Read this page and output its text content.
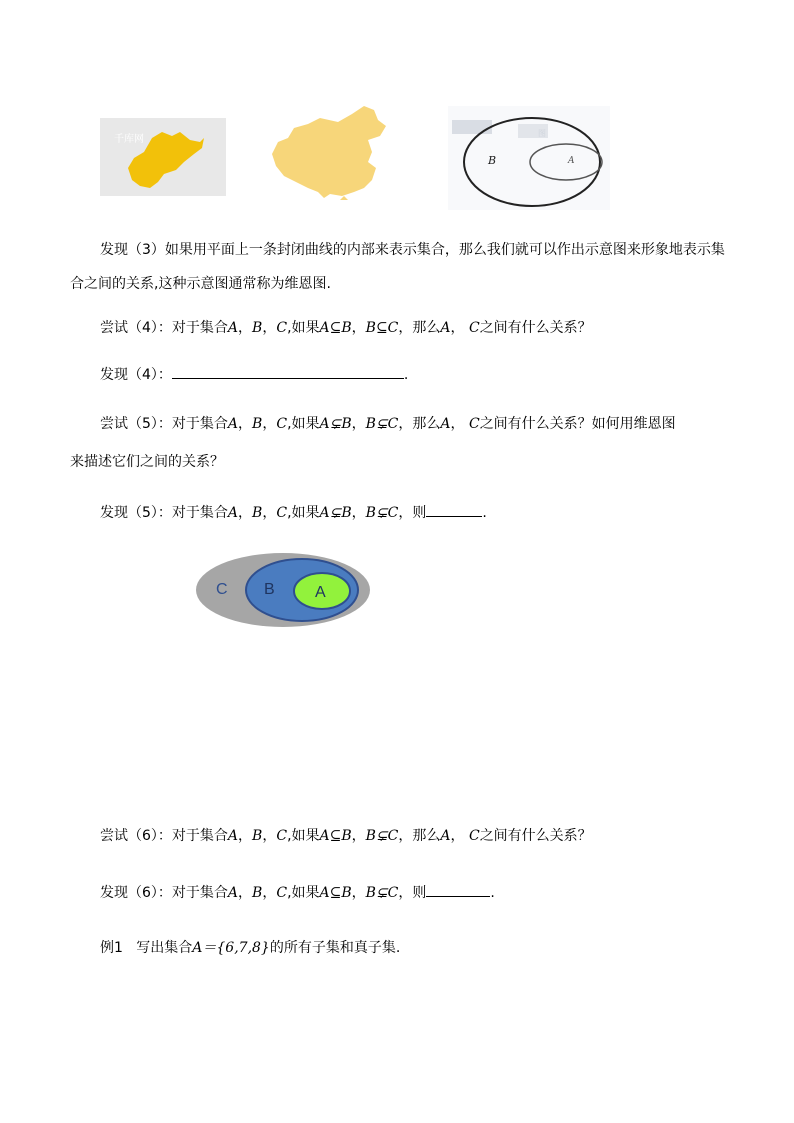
千库网
B	A
图
发现（3）如果用平面上一条封闭曲线的内部来表示集合，那么我们就可以作出示意图来形象地表示集
合之间的关系,这种示意图通常称为维恩图.
尝试（4）：对于集合A，B，C,如果A⊆B，B⊆C，那么A， C之间有什么关系？
发现（4）：	.
尝试（5）：对于集合A，B，C,如果A⊊B，B⊊C，那么A， C之间有什么关系？如何用维恩图
来描述它们之间的关系？
发现（5）：对于集合A，B，C,如果A⊊B，B⊊C，则	.
C B	A
尝试（6）：对于集合A，B，C,如果A⊆B，B⊊C，那么A， C之间有什么关系？
发现（6）：对于集合A，B，C,如果A⊆B，B⊊C，则	.
例1 写出集合A＝{6,7,8}的所有子集和真子集.
